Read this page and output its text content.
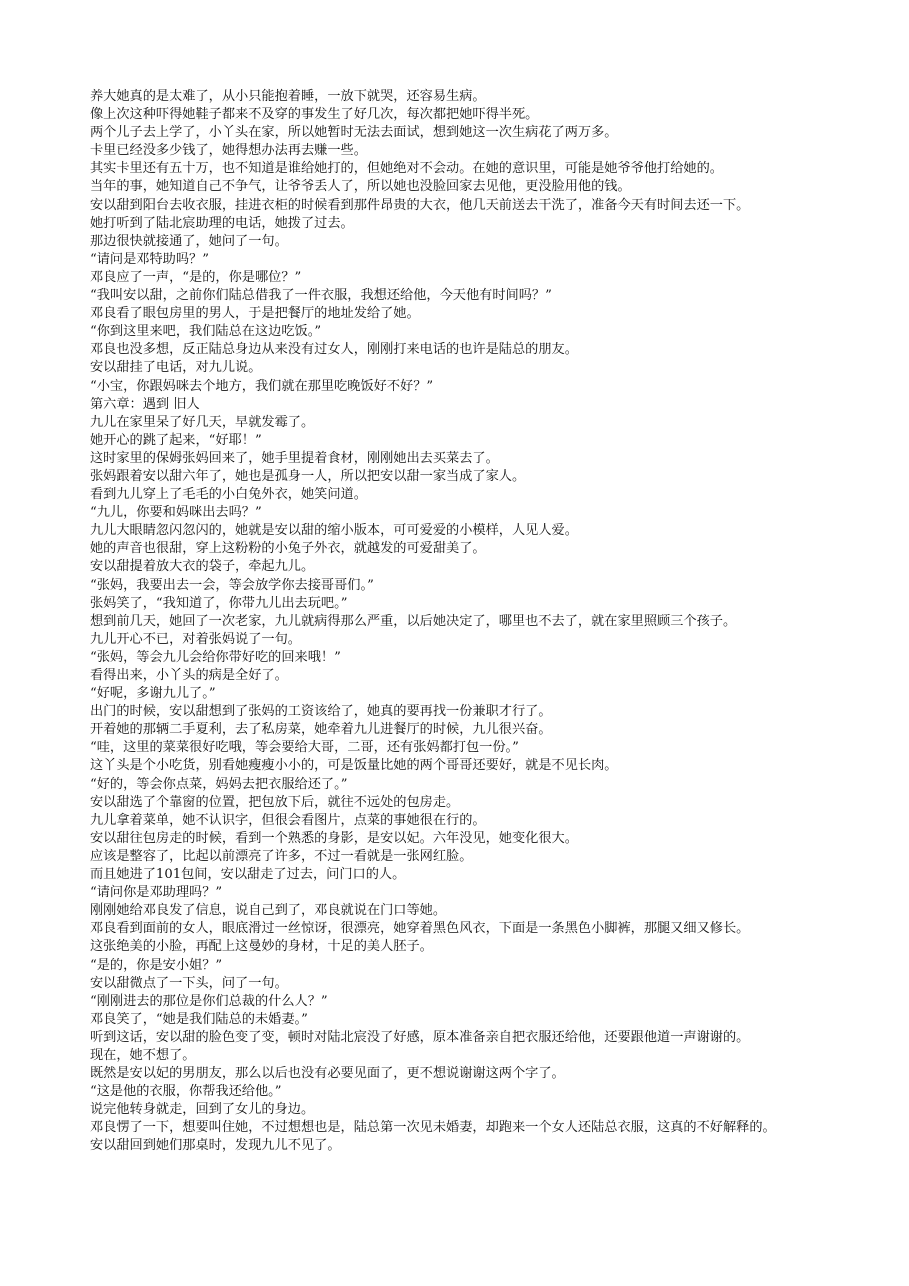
养大她真的是太难了，从小只能抱着睡，一放下就哭，还容易生病。

像上次这种吓得她鞋子都来不及穿的事发生了好几次，每次都把她吓得半死。

两个儿子去上学了，小丫头在家，所以她暂时无法去面试，想到她这一次生病花了两万多。

卡里已经没多少钱了，她得想办法再去赚一些。

其实卡里还有五十万，也不知道是谁给她打的，但她绝对不会动。在她的意识里，可能是她爷爷他打给她的。

当年的事，她知道自己不争气，让爷爷丢人了，所以她也没脸回家去见他，更没脸用他的钱。

安以甜到阳台去收衣服，挂进衣柜的时候看到那件昂贵的大衣，他几天前送去干洗了，准备今天有时间去还一下。

她打听到了陆北宸助理的电话，她拨了过去。

那边很快就接通了，她问了一句。

“请问是邓特助吗？”

邓良应了一声，“是的，你是哪位？”

“我叫安以甜，之前你们陆总借我了一件衣服，我想还给他，今天他有时间吗？”

邓良看了眼包房里的男人，于是把餐厅的地址发给了她。

“你到这里来吧，我们陆总在这边吃饭。”

邓良也没多想，反正陆总身边从来没有过女人，刚刚打来电话的也许是陆总的朋友。

安以甜挂了电话，对九儿说。

“小宝，你跟妈咪去个地方，我们就在那里吃晚饭好不好？”

第六章：遇到 旧人

九儿在家里呆了好几天，早就发霉了。

她开心的跳了起来，“好耶！”

这时家里的保姆张妈回来了，她手里提着食材，刚刚她出去买菜去了。

张妈跟着安以甜六年了，她也是孤身一人，所以把安以甜一家当成了家人。

看到九儿穿上了毛毛的小白兔外衣，她笑问道。

“九儿，你要和妈咪出去吗？”

九儿大眼睛忽闪忽闪的，她就是安以甜的缩小版本，可可爱爱的小模样，人见人爱。

她的声音也很甜，穿上这粉粉的小兔子外衣，就越发的可爱甜美了。

安以甜提着放大衣的袋子，牵起九儿。

“张妈，我要出去一会，等会放学你去接哥哥们。”

张妈笑了，“我知道了，你带九儿出去玩吧。”

想到前几天，她回了一次老家，九儿就病得那么严重，以后她决定了，哪里也不去了，就在家里照顾三个孩子。

九儿开心不已，对着张妈说了一句。

“张妈，等会九儿会给你带好吃的回来哦！”

看得出来，小丫头的病是全好了。

“好呢，多谢九儿了。”

出门的时候，安以甜想到了张妈的工资该给了，她真的要再找一份兼职才行了。

开着她的那辆二手夏利，去了私房菜，她牵着九儿进餐厅的时候，九儿很兴奋。

“哇，这里的菜菜很好吃哦，等会要给大哥，二哥，还有张妈都打包一份。”

这丫头是个小吃货，别看她瘦瘦小小的，可是饭量比她的两个哥哥还要好，就是不见长肉。

“好的，等会你点菜，妈妈去把衣服给还了。”

安以甜选了个靠窗的位置，把包放下后，就往不远处的包房走。

九儿拿着菜单，她不认识字，但很会看图片，点菜的事她很在行的。

安以甜往包房走的时候，看到一个熟悉的身影，是安以妃。六年没见，她变化很大。

应该是整容了，比起以前漂亮了许多，不过一看就是一张网红脸。

而且她进了101包间，安以甜走了过去，问门口的人。

“请问你是邓助理吗？”

刚刚她给邓良发了信息，说自己到了，邓良就说在门口等她。

邓良看到面前的女人，眼底滑过一丝惊讶，很漂亮，她穿着黑色风衣，下面是一条黑色小脚裤，那腿又细又修长。

这张绝美的小脸，再配上这曼妙的身材，十足的美人胚子。

“是的，你是安小姐？”

安以甜微点了一下头，问了一句。

“刚刚进去的那位是你们总裁的什么人？”

邓良笑了，“她是我们陆总的未婚妻。”

听到这话，安以甜的脸色变了变，顿时对陆北宸没了好感，原本准备亲自把衣服还给他，还要跟他道一声谢谢的。

现在，她不想了。

既然是安以妃的男朋友，那么以后也没有必要见面了，更不想说谢谢这两个字了。

“这是他的衣服，你帮我还给他。”

说完他转身就走，回到了女儿的身边。

邓良愣了一下，想要叫住她，不过想想也是，陆总第一次见未婚妻，却跑来一个女人还陆总衣服，这真的不好解释的。

安以甜回到她们那桌时，发现九儿不见了。
